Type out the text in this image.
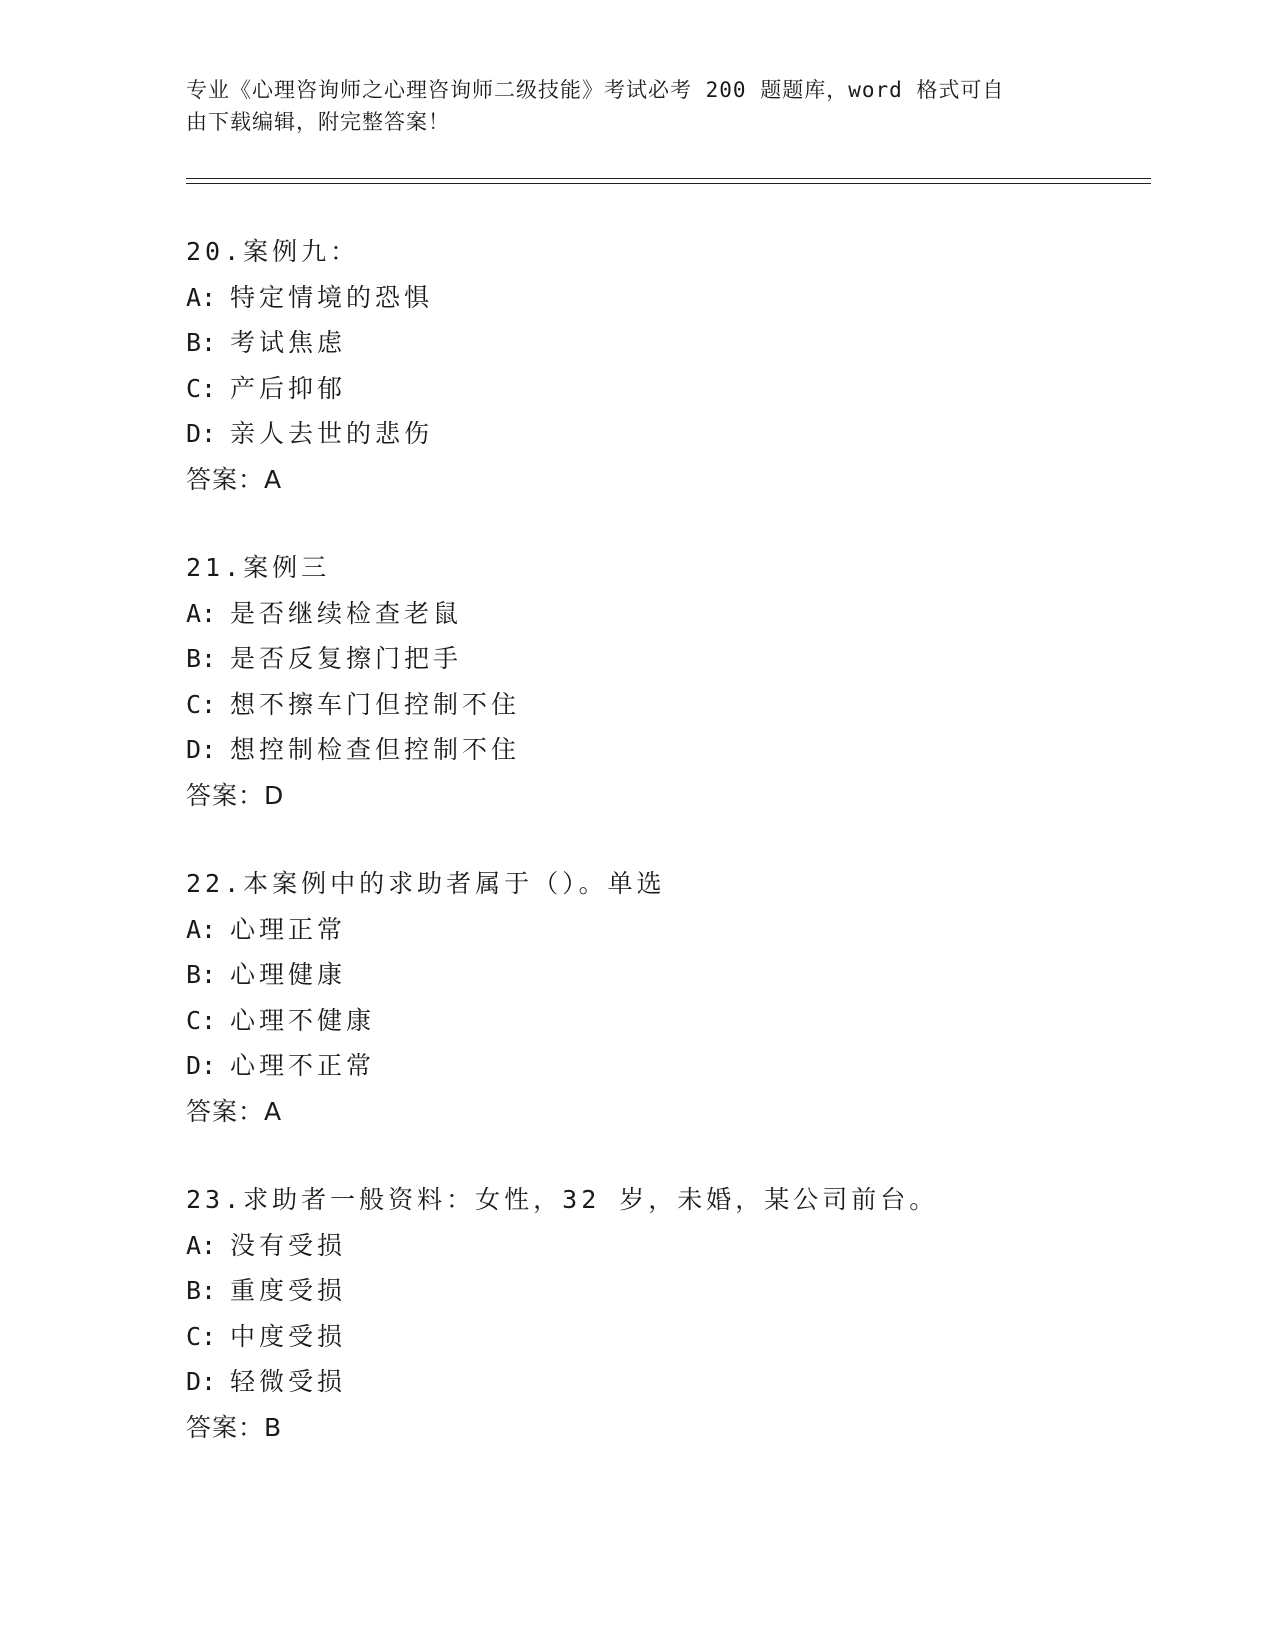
专业《心理咨询师之心理咨询师二级技能》考试必考 200 题题库，word 格式可自
由下载编辑，附完整答案！
20.案例九：
A: 特定情境的恐惧
B: 考试焦虑
C: 产后抑郁
D: 亲人去世的悲伤
答案：A
21.案例三
A: 是否继续检查老鼠
B: 是否反复擦门把手
C: 想不擦车门但控制不住
D: 想控制检查但控制不住
答案：D
22.本案例中的求助者属于（）。单选
A: 心理正常
B: 心理健康
C: 心理不健康
D: 心理不正常
答案：A
23.求助者一般资料：女性，32 岁，未婚，某公司前台。
A: 没有受损
B: 重度受损
C: 中度受损
D: 轻微受损
答案：B
